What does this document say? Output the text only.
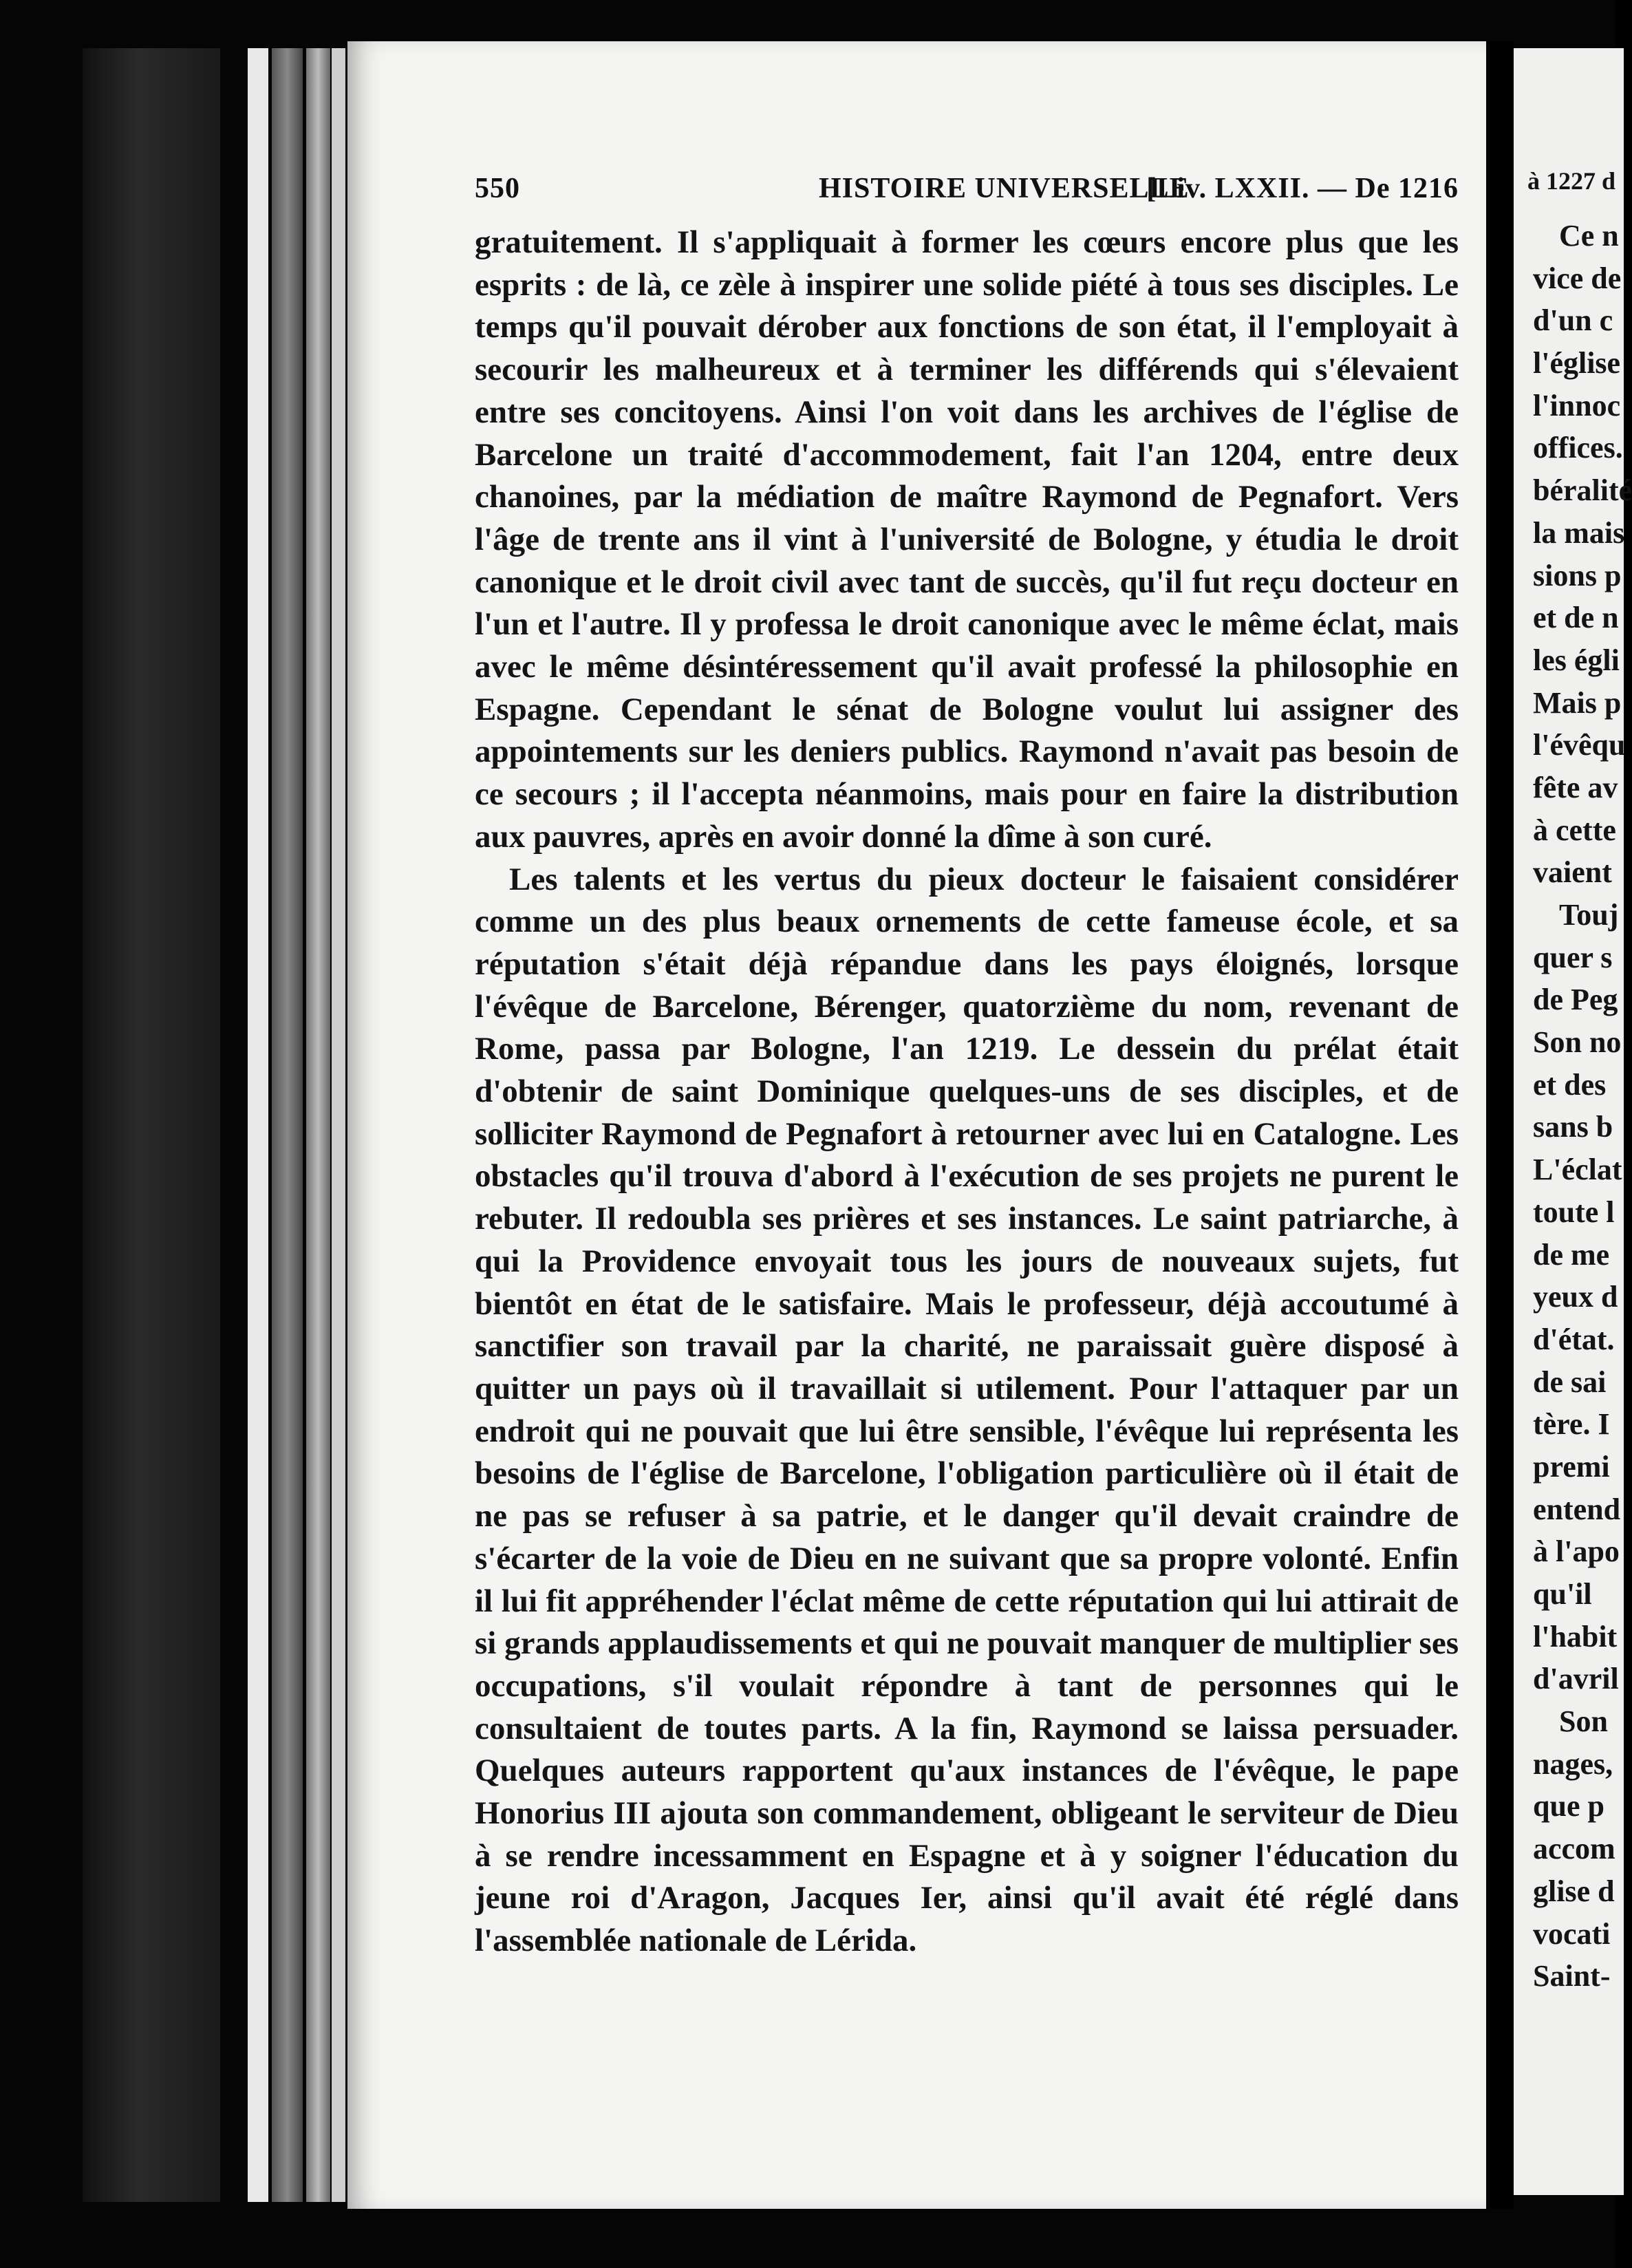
550	HISTOIRE UNIVERSELLE
[Liv. LXXII. — De 1216

gratuitement. Il s'appliquait à former les cœurs encore plus que les esprits : de là, ce zèle à inspirer une solide piété à tous ses disciples. Le temps qu'il pouvait dérober aux fonctions de son état, il l'employait à secourir les malheureux et à terminer les différends qui s'élevaient entre ses concitoyens. Ainsi l'on voit dans les archives de l'église de Barcelone un traité d'accommodement, fait l'an 1204, entre deux chanoines, par la médiation de maître Raymond de Pegnafort. Vers l'âge de trente ans il vint à l'université de Bologne, y étudia le droit canonique et le droit civil avec tant de succès, qu'il fut reçu docteur en l'un et l'autre. Il y professa le droit canonique avec le même éclat, mais avec le même désintéressement qu'il avait professé la philosophie en Espagne. Cependant le sénat de Bologne voulut lui assigner des appointements sur les deniers publics. Raymond n'avait pas besoin de ce secours ; il l'accepta néanmoins, mais pour en faire la distribution aux pauvres, après en avoir donné la dîme à son curé.

Les talents et les vertus du pieux docteur le faisaient considérer comme un des plus beaux ornements de cette fameuse école, et sa réputation s'était déjà répandue dans les pays éloignés, lorsque l'évêque de Barcelone, Bérenger, quatorzième du nom, revenant de Rome, passa par Bologne, l'an 1219. Le dessein du prélat était d'obtenir de saint Dominique quelques-uns de ses disciples, et de solliciter Raymond de Pegnafort à retourner avec lui en Catalogne. Les obstacles qu'il trouva d'abord à l'exécution de ses projets ne purent le rebuter. Il redoubla ses prières et ses instances. Le saint patriarche, à qui la Providence envoyait tous les jours de nouveaux sujets, fut bientôt en état de le satisfaire. Mais le professeur, déjà accoutumé à sanctifier son travail par la charité, ne paraissait guère disposé à quitter un pays où il travaillait si utilement. Pour l'attaquer par un endroit qui ne pouvait que lui être sensible, l'évêque lui représenta les besoins de l'église de Barcelone, l'obligation particulière où il était de ne pas se refuser à sa patrie, et le danger qu'il devait craindre de s'écarter de la voie de Dieu en ne suivant que sa propre volonté. Enfin il lui fit appréhender l'éclat même de cette réputation qui lui attirait de si grands applaudissements et qui ne pouvait manquer de multiplier ses occupations, s'il voulait répondre à tant de personnes qui le consultaient de toutes parts. A la fin, Raymond se laissa persuader. Quelques auteurs rapportent qu'aux instances de l'évêque, le pape Honorius III ajouta son commandement, obligeant le serviteur de Dieu à se rendre incessamment en Espagne et à y soigner l'éducation du jeune roi d'Aragon, Jacques Ier, ainsi qu'il avait été réglé dans l'assemblée nationale de Lérida.

à 1227 d
Ce n
vice de
d'un c
l'église
l'innoc
offices.
béralité
la mais
sions p
et de n
les égli
Mais p
l'évêqu
fête av
à cette
vaient
Touj
quer s
de Peg
Son no
et des
sans b
L'éclat
toute l
de me
yeux d
d'état.
de sai
tère. I
premi
entend
à l'apo
qu'il
l'habit
d'avril
Son
nages,
que p
accom
glise d
vocati
Saint-
